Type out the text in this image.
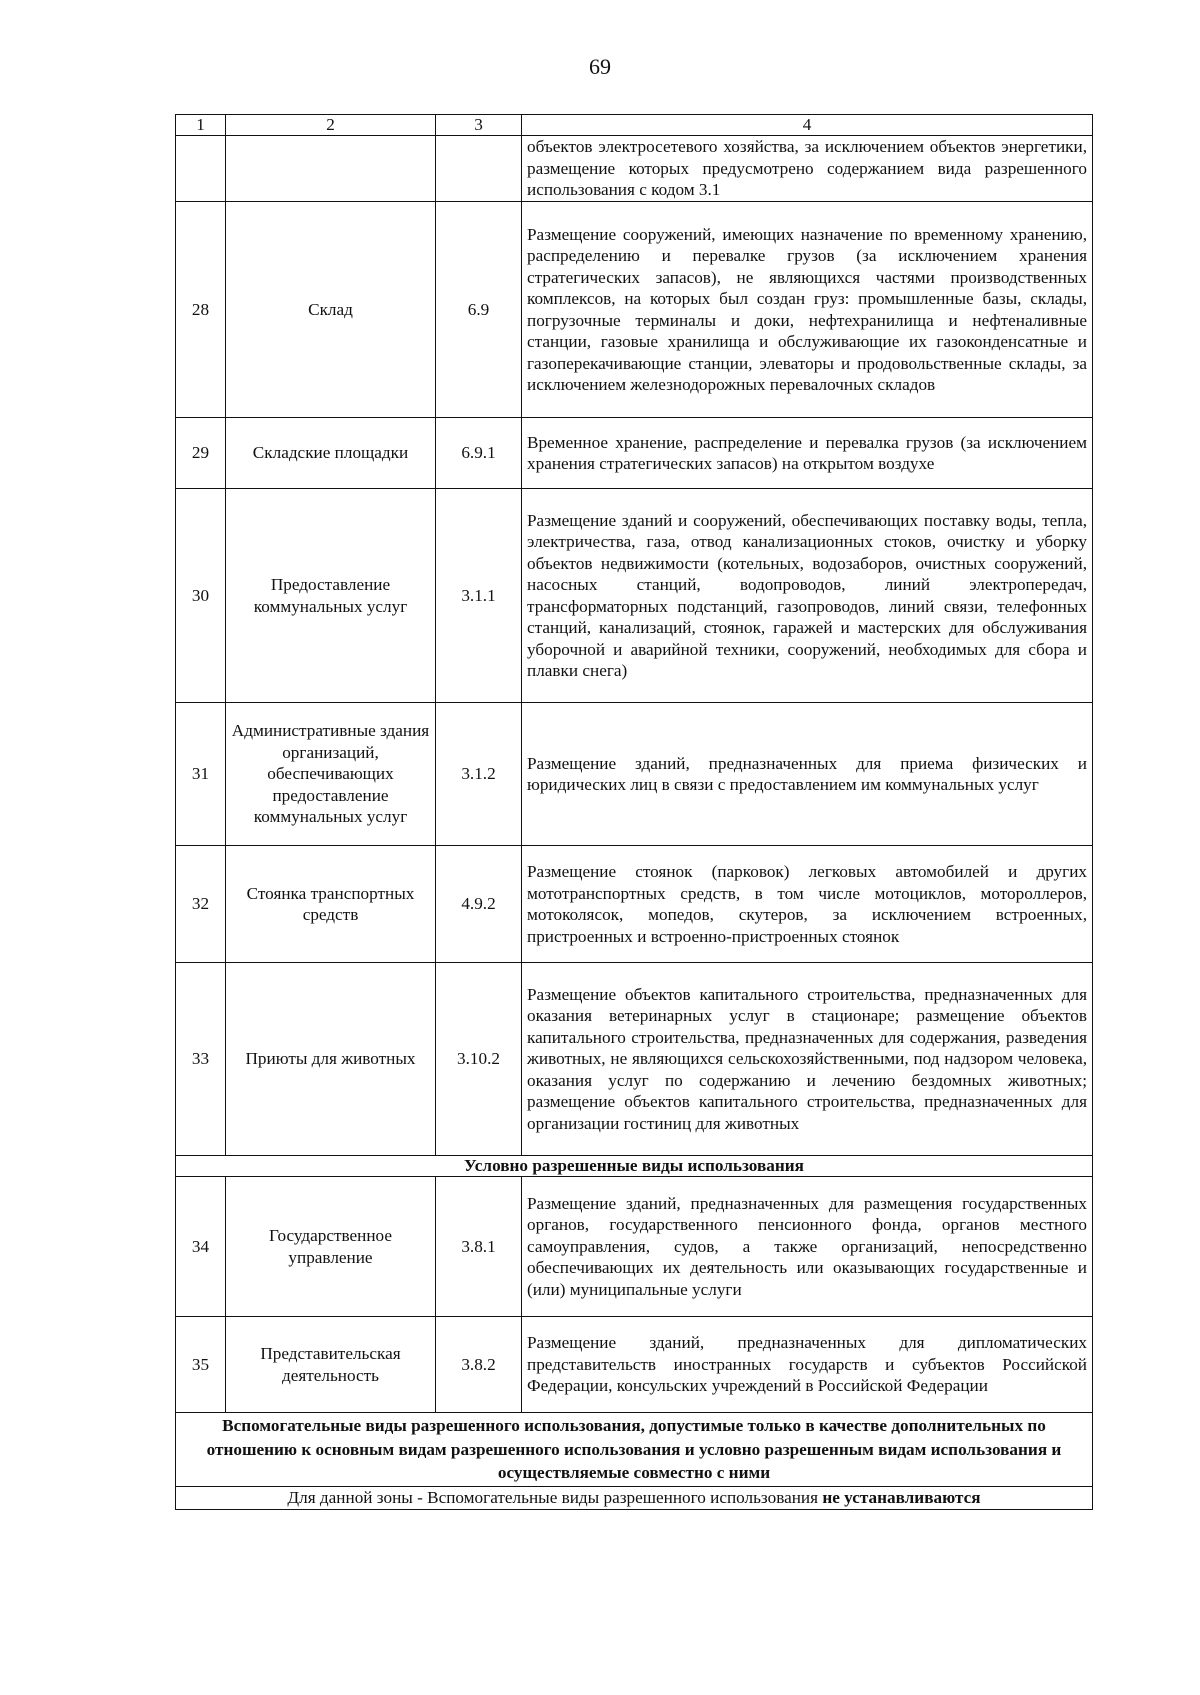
69
1	2	3	4
			объектов электросетевого хозяйства, за исключением объектов энергетики, размещение которых предусмотрено содержанием вида разрешенного использования с кодом 3.1
28	Склад	6.9	Размещение сооружений, имеющих назначение по временному хранению, распределению и перевалке грузов (за исключением хранения стратегических запасов), не являющихся частями производственных комплексов, на которых был создан груз: промышленные базы, склады, погрузочные терминалы и доки, нефтехранилища и нефтеналивные станции, газовые хранилища и обслуживающие их газоконденсатные и газоперекачивающие станции, элеваторы и продовольственные склады, за исключением железнодорожных перевалочных складов
29	Складские площадки	6.9.1	Временное хранение, распределение и перевалка грузов (за исключением хранения стратегических запасов) на открытом воздухе
30	Предоставление коммунальных услуг	3.1.1	Размещение зданий и сооружений, обеспечивающих поставку воды, тепла, электричества, газа, отвод канализационных стоков, очистку и уборку объектов недвижимости (котельных, водозаборов, очистных сооружений, насосных станций, водопроводов, линий электропередач, трансформаторных подстанций, газопроводов, линий связи, телефонных станций, канализаций, стоянок, гаражей и мастерских для обслуживания уборочной и аварийной техники, сооружений, необходимых для сбора и плавки снега)
31	Административные здания организаций, обеспечивающих предоставление коммунальных услуг	3.1.2	Размещение зданий, предназначенных для приема физических и юридических лиц в связи с предоставлением им коммунальных услуг
32	Стоянка транспортных средств	4.9.2	Размещение стоянок (парковок) легковых автомобилей и других мототранспортных средств, в том числе мотоциклов, мотороллеров, мотоколясок, мопедов, скутеров, за исключением встроенных, пристроенных и встроенно-пристроенных стоянок
33	Приюты для животных	3.10.2	Размещение объектов капитального строительства, предназначенных для оказания ветеринарных услуг в стационаре; размещение объектов капитального строительства, предназначенных для содержания, разведения животных, не являющихся сельскохозяйственными, под надзором человека, оказания услуг по содержанию и лечению бездомных животных; размещение объектов капитального строительства, предназначенных для организации гостиниц для животных
Условно разрешенные виды использования			
34	Государственное управление	3.8.1	Размещение зданий, предназначенных для размещения государственных органов, государственного пенсионного фонда, органов местного самоуправления, судов, а также организаций, непосредственно обеспечивающих их деятельность или оказывающих государственные и (или) муниципальные услуги
35	Представительская деятельность	3.8.2	Размещение зданий, предназначенных для дипломатических представительств иностранных государств и субъектов Российской Федерации, консульских учреждений в Российской Федерации
Вспомогательные виды разрешенного использования, допустимые только в качестве дополнительных по отношению к основным видам разрешенного использования и условно разрешенным видам использования и осуществляемые совместно с ними			
Для данной зоны - Вспомогательные виды разрешенного использования не устанавливаются			
